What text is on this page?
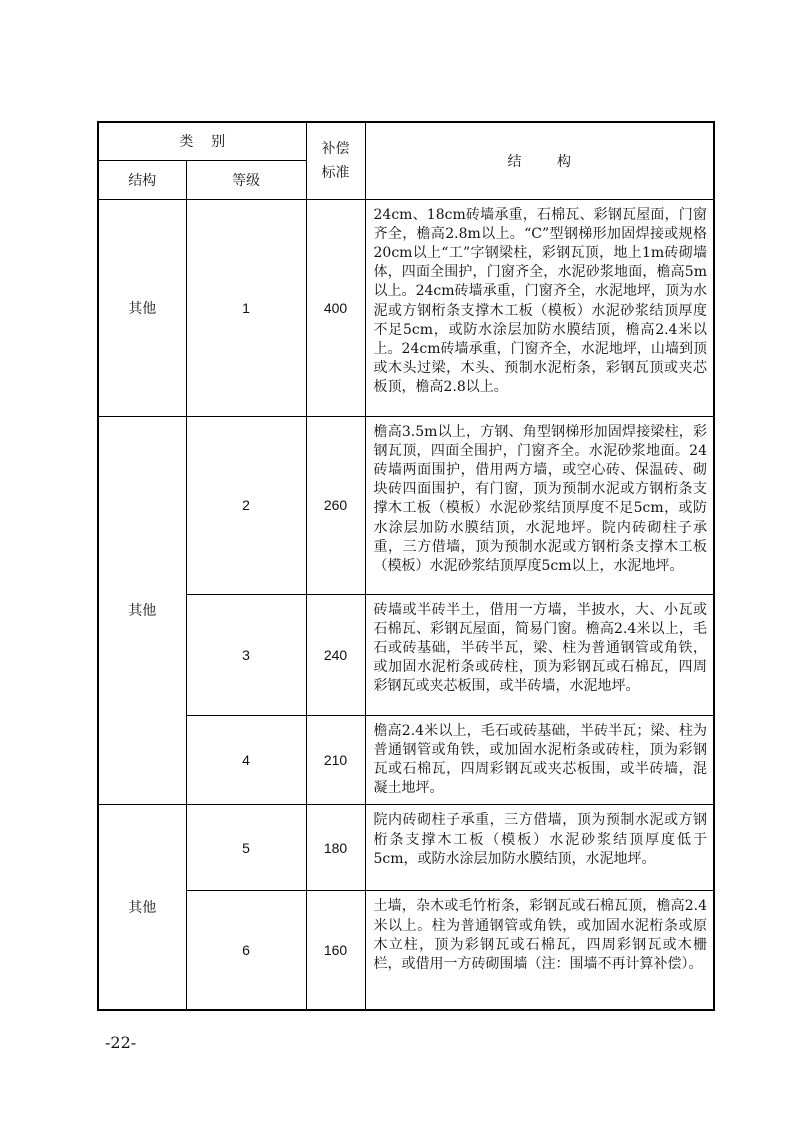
类    别		补偿标准	结        构
结构	等级		
其他	1	400	24cm、18cm砖墙承重，石棉瓦、彩钢瓦屋面，门窗齐全，檐高2.8m以上。“C”型钢梯形加固焊接或规格20cm以上“工”字钢梁柱，彩钢瓦顶，地上1m砖砌墙体，四面全围护，门窗齐全，水泥砂浆地面，檐高5m以上。24cm砖墙承重，门窗齐全，水泥地坪，顶为水泥或方钢桁条支撑木工板（模板）水泥砂浆结顶厚度不足5cm，或防水涂层加防水膜结顶，檐高2.4米以上。24cm砖墙承重，门窗齐全，水泥地坪，山墙到顶或木头过梁，木头、预制水泥桁条，彩钢瓦顶或夹芯板顶，檐高2.8以上。
其他	2	260	檐高3.5m以上，方钢、角型钢梯形加固焊接梁柱，彩钢瓦顶，四面全围护，门窗齐全。水泥砂浆地面。24砖墙两面围护，借用两方墙，或空心砖、保温砖、砌块砖四面围护，有门窗，顶为预制水泥或方钢桁条支撑木工板（模板）水泥砂浆结顶厚度不足5cm，或防水涂层加防水膜结顶，水泥地坪。院内砖砌柱子承重，三方借墙，顶为预制水泥或方钢桁条支撑木工板（模板）水泥砂浆结顶厚度5cm以上，水泥地坪。
	3	240	砖墙或半砖半土，借用一方墙，半披水，大、小瓦或石棉瓦、彩钢瓦屋面，简易门窗。檐高2.4米以上，毛石或砖基础，半砖半瓦，梁、柱为普通钢管或角铁，或加固水泥桁条或砖柱，顶为彩钢瓦或石棉瓦，四周彩钢瓦或夹芯板围，或半砖墙，水泥地坪。
	4	210	檐高2.4米以上，毛石或砖基础，半砖半瓦；梁、柱为普通钢管或角铁，或加固水泥桁条或砖柱，顶为彩钢瓦或石棉瓦，四周彩钢瓦或夹芯板围，或半砖墙，混凝土地坪。
其他	5	180	院内砖砌柱子承重，三方借墙，顶为预制水泥或方钢桁条支撑木工板（模板）水泥砂浆结顶厚度低于5cm，或防水涂层加防水膜结顶，水泥地坪。
	6	160	土墙，杂木或毛竹桁条，彩钢瓦或石棉瓦顶，檐高2.4米以上。柱为普通钢管或角铁，或加固水泥桁条或原木立柱，顶为彩钢瓦或石棉瓦，四周彩钢瓦或木栅栏，或借用一方砖砌围墙（注：围墙不再计算补偿）。
-22-
